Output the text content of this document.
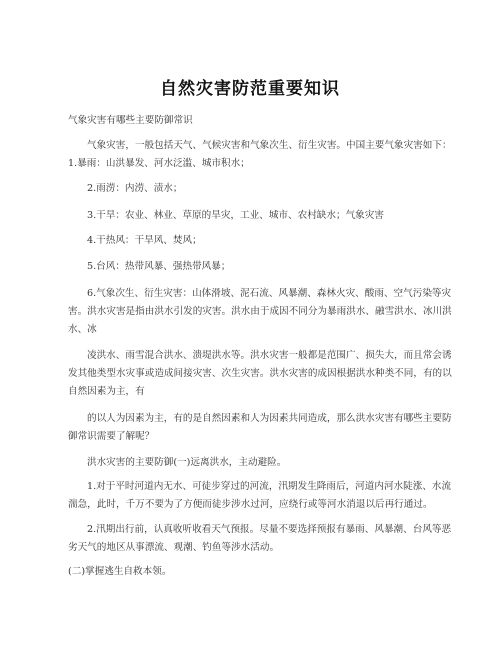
自然灾害防范重要知识
气象灾害有哪些主要防御常识
气象灾害，一般包括天气、气候灾害和气象次生、衍生灾害。中国主要气象灾害如下：1.暴雨：山洪暴发、河水泛滥、城市积水；
2.雨涝：内涝、渍水；
3.干旱：农业、林业、草原的旱灾，工业、城市、农村缺水；气象灾害
4.干热风：干旱风、焚风；
5.台风：热带风暴、强热带风暴；
6.气象次生、衍生灾害：山体滑坡、泥石流、风暴潮、森林火灾、酸雨、空气污染等灾害。洪水灾害是指由洪水引发的灾害。洪水由于成因不同分为暴雨洪水、融雪洪水、冰川洪水、冰
凌洪水、雨雪混合洪水、溃堤洪水等。洪水灾害一般都是范围广、损失大，而且常会诱发其他类型水灾事或造成间接灾害、次生灾害。洪水灾害的成因根据洪水种类不同，有的以自然因素为主，有
的以人为因素为主，有的是自然因素和人为因素共同造成，那么洪水灾害有哪些主要防御常识需要了解呢？
洪水灾害的主要防御(一)远离洪水，主动避险。
1.对于平时河道内无水、可徒步穿过的河流，汛期发生降雨后，河道内河水陡涨、水流湍急，此时，千万不要为了方便而徒步涉水过河，应绕行或等河水消退以后再行通过。
2.汛期出行前，认真收听收看天气预报。尽量不要选择预报有暴雨、风暴潮、台风等恶劣天气的地区从事漂流、观潮、钓鱼等涉水活动。
(二)掌握逃生自救本领。
